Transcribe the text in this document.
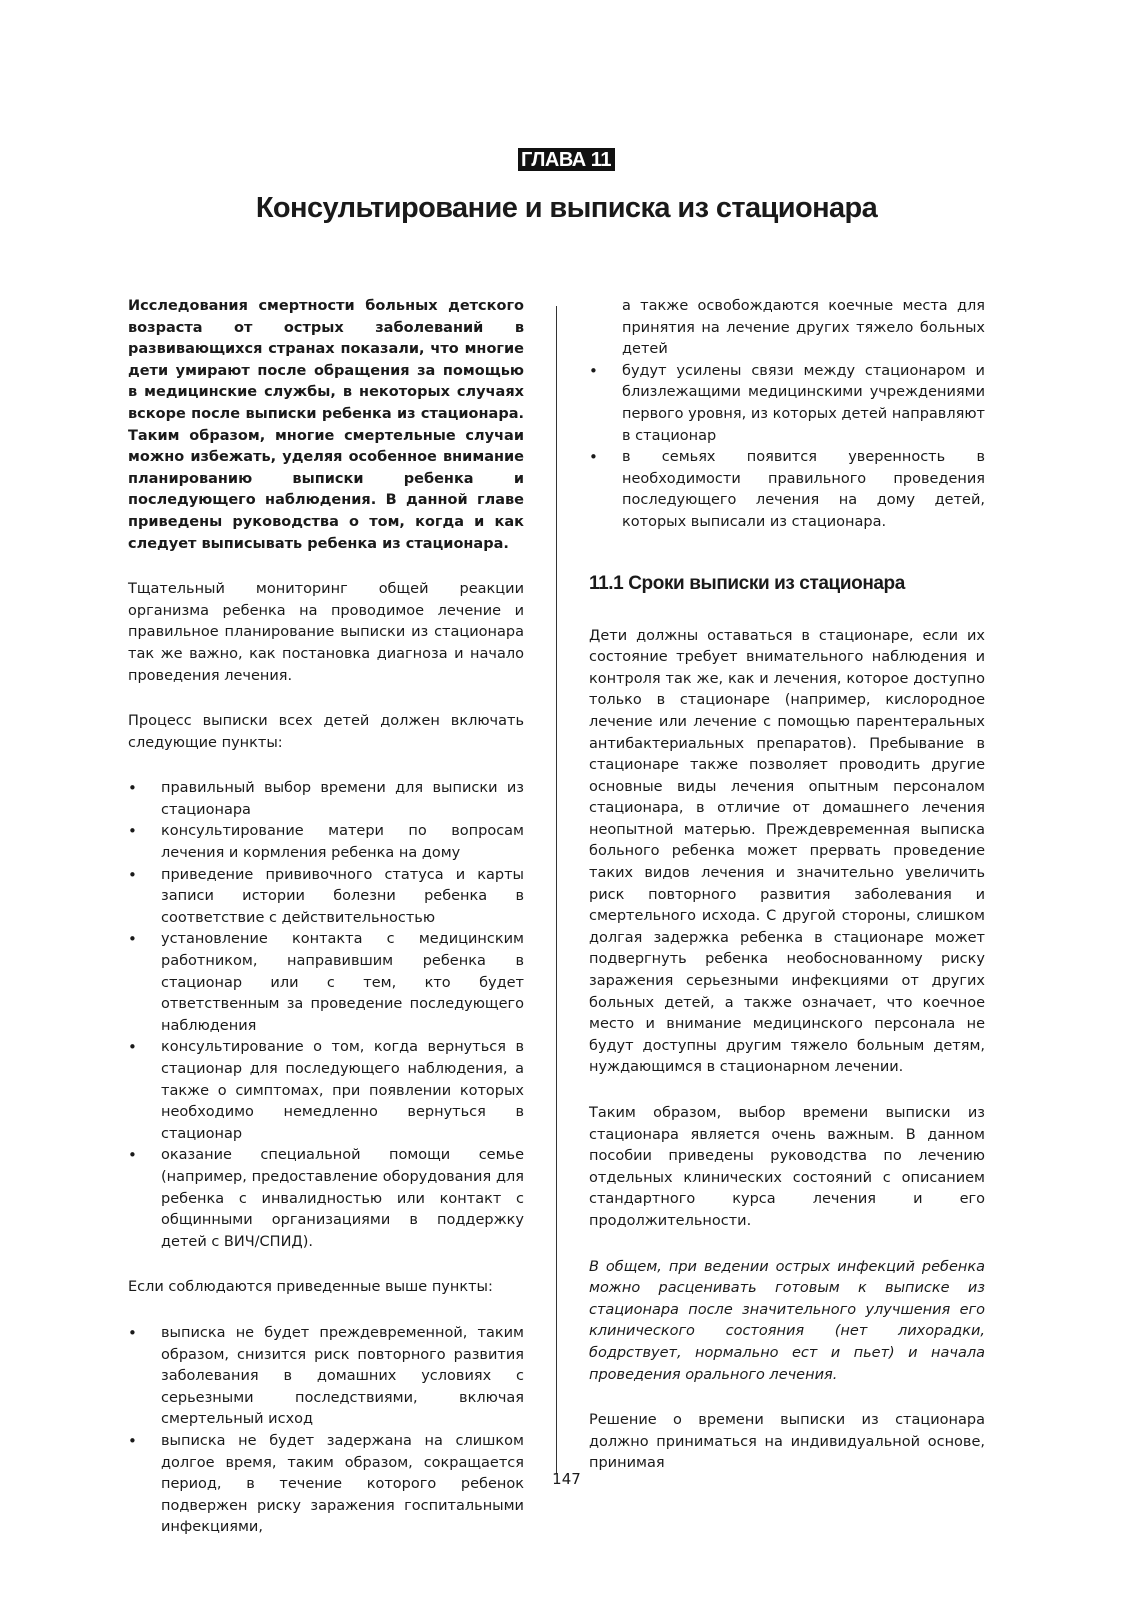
ГЛАВА 11
Консультирование и выписка из стационара

Исследования смертности больных детского возраста от острых заболеваний в развивающихся странах показали, что многие дети умирают после обращения за помощью в медицинские службы, в некоторых случаях вскоре после выписки ребенка из стационара. Таким образом, многие смертельные случаи можно избежать, уделяя особенное внимание планированию выписки ребенка и последующего наблюдения. В данной главе приведены руководства о том, когда и как следует выписывать ребенка из стационара.

Тщательный мониторинг общей реакции организма ребенка на проводимое лечение и правильное планирование выписки из стационара так же важно, как постановка диагноза и начало проведения лечения.

Процесс выписки всех детей должен включать следующие пункты:

• правильный выбор времени для выписки из стационара
• консультирование матери по вопросам лечения и кормления ребенка на дому
• приведение прививочного статуса и карты записи истории болезни ребенка в соответствие с действительностью
• установление контакта с медицинским работником, направившим ребенка в стационар или с тем, кто будет ответственным за проведение последующего наблюдения
• консультирование о том, когда вернуться в стационар для последующего наблюдения, а также о симптомах, при появлении которых необходимо немедленно вернуться в стационар
• оказание специальной помощи семье (например, предоставление оборудования для ребенка с инвалидностью или контакт с общинными организациями в поддержку детей с ВИЧ/СПИД).

Если соблюдаются приведенные выше пункты:

• выписка не будет преждевременной, таким образом, снизится риск повторного развития заболевания в домашних условиях с серьезными последствиями, включая смертельный исход
• выписка не будет задержана на слишком долгое время, таким образом, сокращается период, в течение которого ребенок подвержен риску заражения госпитальными инфекциями,
а также освобождаются коечные места для принятия на лечение других тяжело больных детей
• будут усилены связи между стационаром и близлежащими медицинскими учреждениями первого уровня, из которых детей направляют в стационар
• в семьях появится уверенность в необходимости правильного проведения последующего лечения на дому детей, которых выписали из стационара.
11.1 Сроки выписки из стационара

Дети должны оставаться в стационаре, если их состояние требует внимательного наблюдения и контроля так же, как и лечения, которое доступно только в стационаре (например, кислородное лечение или лечение с помощью парентеральных антибактериальных препаратов). Пребывание в стационаре также позволяет проводить другие основные виды лечения опытным персоналом стационара, в отличие от домашнего лечения неопытной матерью. Преждевременная выписка больного ребенка может прервать проведение таких видов лечения и значительно увеличить риск повторного развития заболевания и смертельного исхода. С другой стороны, слишком долгая задержка ребенка в стационаре может подвергнуть ребенка необоснованному риску заражения серьезными инфекциями от других больных детей, а также означает, что коечное место и внимание медицинского персонала не будут доступны другим тяжело больным детям, нуждающимся в стационарном лечении.

Таким образом, выбор времени выписки из стационара является очень важным. В данном пособии приведены руководства по лечению отдельных клинических состояний с описанием стандартного курса лечения и его продолжительности.

В общем, при ведении острых инфекций ребенка можно расценивать готовым к выписке из стационара после значительного улучшения его клинического состояния (нет лихорадки, бодрствует, нормально ест и пьет) и начала проведения орального лечения.

Решение о времени выписки из стационара должно приниматься на индивидуальной основе, принимая

147
